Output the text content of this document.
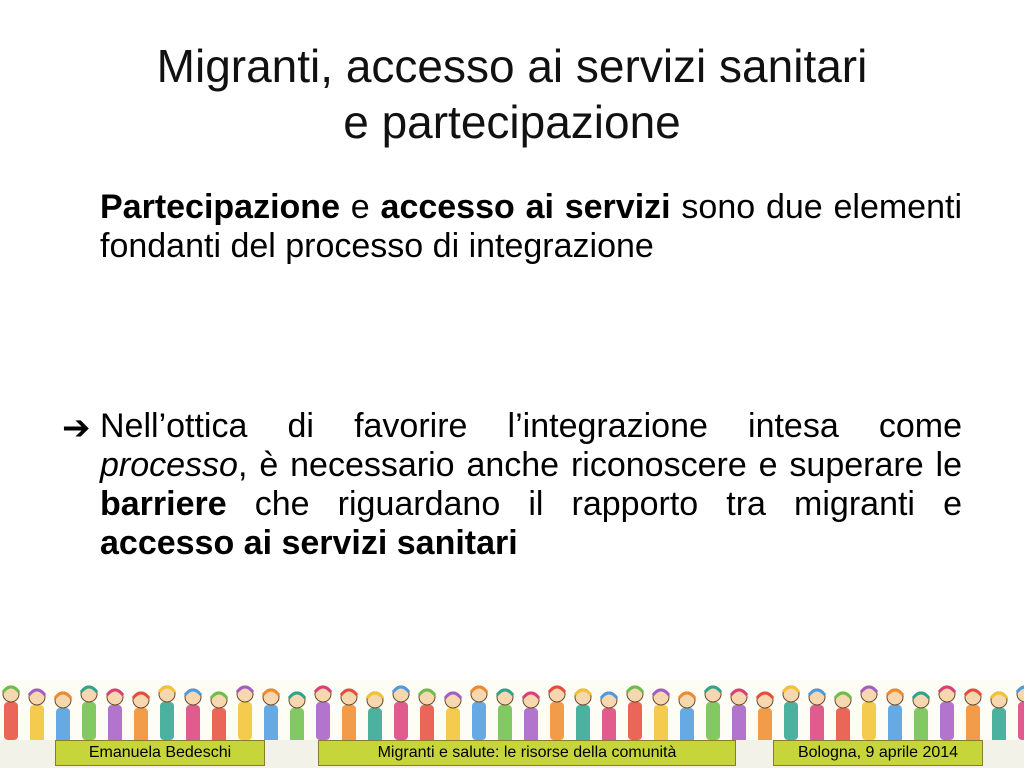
Migranti, accesso ai servizi sanitari
e partecipazione
Partecipazione e accesso ai servizi sono due elementi fondanti del processo di integrazione
➔ Nell’ottica di favorire l’integrazione intesa come processo, è necessario anche riconoscere e superare le barriere che riguardano il rapporto tra migranti e accesso ai servizi sanitari
Emanuela Bedeschi	Migranti e salute: le risorse della comunità	Bologna, 9 aprile 2014
